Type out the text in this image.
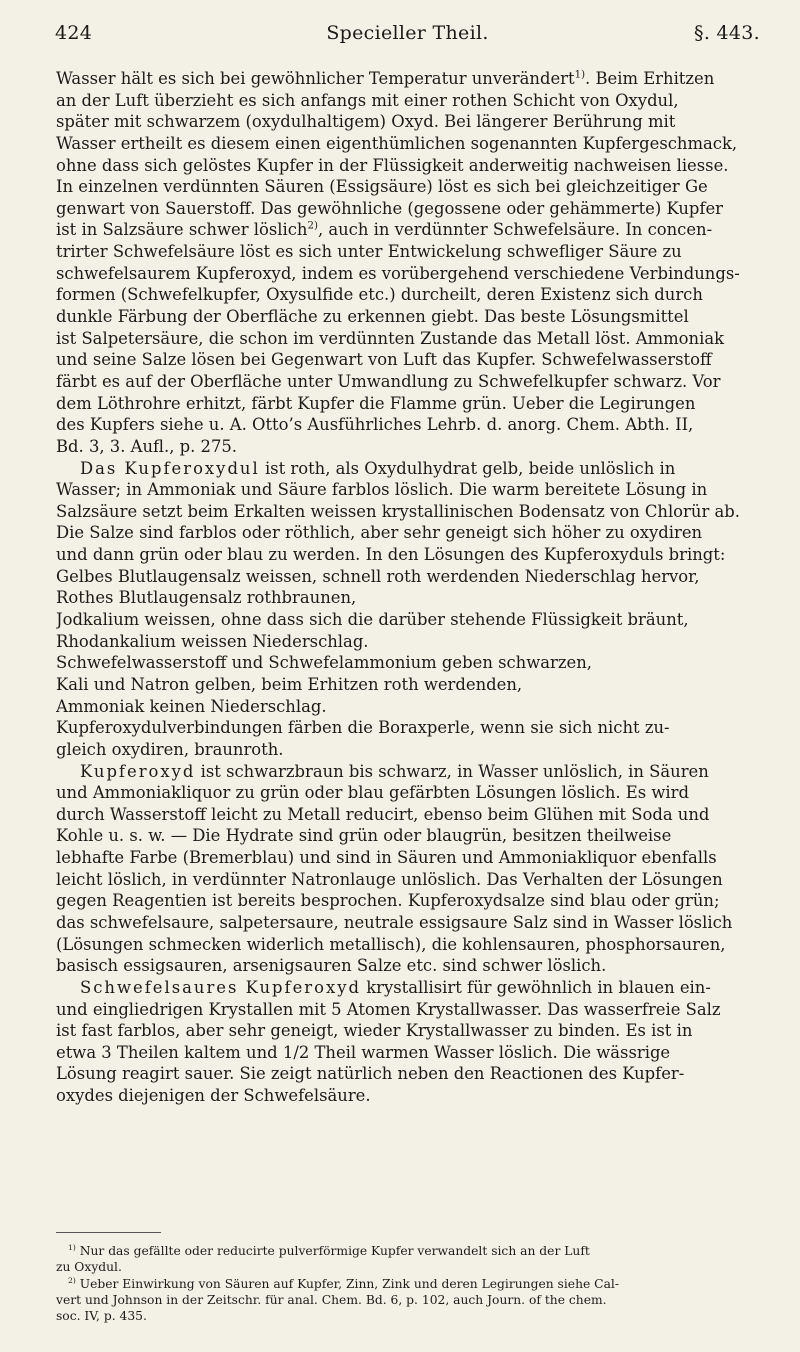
424	Specieller Theil.	§. 443.
Wasser hält es sich bei gewöhnlicher Temperatur unverändert$^{1)}$. Beim Erhitzen
an der Luft überzieht es sich anfangs mit einer rothen Schicht von Oxydul,
später mit schwarzem (oxydulhaltigem) Oxyd. Bei längerer Berührung mit
Wasser ertheilt es diesem einen eigenthümlichen sogenannten Kupfergeschmack,
ohne dass sich gelöstes Kupfer in der Flüssigkeit anderweitig nachweisen liesse.
In einzelnen verdünnten Säuren (Essigsäure) löst es sich bei gleichzeitiger Ge
genwart von Sauerstoff. Das gewöhnliche (gegossene oder gehämmerte) Kupfer
ist in Salzsäure schwer löslich$^{2)}$, auch in verdünnter Schwefelsäure. In concen-
trirter Schwefelsäure löst es sich unter Entwickelung schwefliger Säure zu
schwefelsaurem Kupferoxyd, indem es vorübergehend verschiedene Verbindungs-
formen (Schwefelkupfer, Oxysulfide etc.) durcheilt, deren Existenz sich durch
dunkle Färbung der Oberfläche zu erkennen giebt. Das beste Lösungsmittel
ist Salpetersäure, die schon im verdünnten Zustande das Metall löst. Ammoniak
und seine Salze lösen bei Gegenwart von Luft das Kupfer. Schwefelwasserstoff
färbt es auf der Oberfläche unter Umwandlung zu Schwefelkupfer schwarz. Vor
dem Löthrohre erhitzt, färbt Kupfer die Flamme grün. Ueber die Legirungen
des Kupfers siehe u. A. Otto’s Ausführliches Lehrb. d. anorg. Chem. Abth. II,
Bd. 3, 3. Aufl., p. 275.
Das Kupferoxydul ist roth, als Oxydulhydrat gelb, beide unlöslich in
Wasser; in Ammoniak und Säure farblos löslich. Die warm bereitete Lösung in
Salzsäure setzt beim Erkalten weissen krystallinischen Bodensatz von Chlorür ab.
Die Salze sind farblos oder röthlich, aber sehr geneigt sich höher zu oxydiren
und dann grün oder blau zu werden. In den Lösungen des Kupferoxyduls bringt:
Gelbes Blutlaugensalz weissen, schnell roth werdenden Niederschlag hervor,
Rothes Blutlaugensalz rothbraunen,
Jodkalium weissen, ohne dass sich die darüber stehende Flüssigkeit bräunt,
Rhodankalium weissen Niederschlag.
Schwefelwasserstoff und Schwefelammonium geben schwarzen,
Kali und Natron gelben, beim Erhitzen roth werdenden,
Ammoniak keinen Niederschlag.
Kupferoxydulverbindungen färben die Boraxperle, wenn sie sich nicht zu-
gleich oxydiren, braunroth.
Kupferoxyd ist schwarzbraun bis schwarz, in Wasser unlöslich, in Säuren
und Ammoniakliquor zu grün oder blau gefärbten Lösungen löslich. Es wird
durch Wasserstoff leicht zu Metall reducirt, ebenso beim Glühen mit Soda und
Kohle u. s. w. — Die Hydrate sind grün oder blaugrün, besitzen theilweise
lebhafte Farbe (Bremerblau) und sind in Säuren und Ammoniakliquor ebenfalls
leicht löslich, in verdünnter Natronlauge unlöslich. Das Verhalten der Lösungen
gegen Reagentien ist bereits besprochen. Kupferoxydsalze sind blau oder grün;
das schwefelsaure, salpetersaure, neutrale essigsaure Salz sind in Wasser löslich
(Lösungen schmecken widerlich metallisch), die kohlensauren, phosphorsauren,
basisch essigsauren, arsenigsauren Salze etc. sind schwer löslich.
Schwefelsaures Kupferoxyd krystallisirt für gewöhnlich in blauen ein-
und eingliedrigen Krystallen mit 5 Atomen Krystallwasser. Das wasserfreie Salz
ist fast farblos, aber sehr geneigt, wieder Krystallwasser zu binden. Es ist in
etwa 3 Theilen kaltem und 1/2 Theil warmen Wasser löslich. Die wässrige
Lösung reagirt sauer. Sie zeigt natürlich neben den Reactionen des Kupfer-
oxydes diejenigen der Schwefelsäure.
$^{1)}$ Nur das gefällte oder reducirte pulverförmige Kupfer verwandelt sich an der Luft
zu Oxydul.
$^{2)}$ Ueber Einwirkung von Säuren auf Kupfer, Zinn, Zink und deren Legirungen siehe Cal-
vert und Johnson in der Zeitschr. für anal. Chem. Bd. 6, p. 102, auch Journ. of the chem.
soc. IV, p. 435.
